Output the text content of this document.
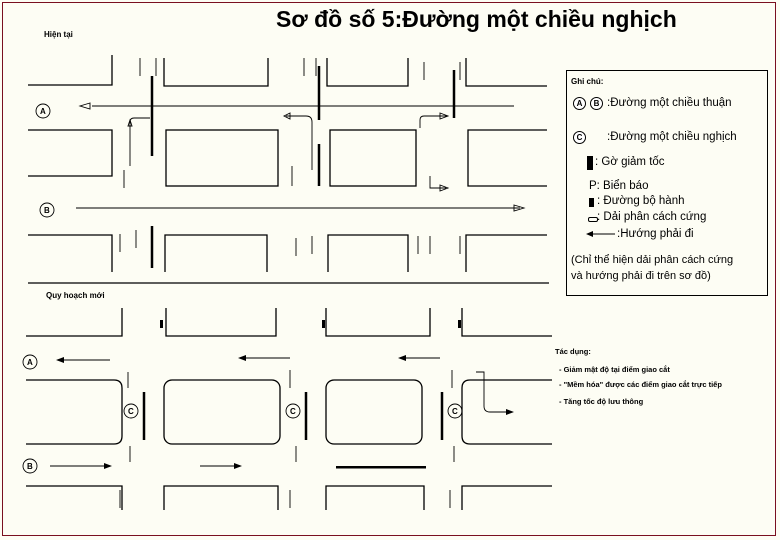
Sơ đồ số 5:Đường một chiều nghịch
Hiện tại
Quy hoạch mới
A
B
A
B
C	C	C
Ghi chú:
A	B :Đường một chiều thuận
C	:Đường một chiều nghịch
: Gờ giảm tốc
P: Biển báo
: Đường bộ hành
: Dải phân cách cứng
:Hướng phải đi
(Chỉ thể hiện dải phân cách cứng
và hướng phải đi trên sơ đồ)
Tác dụng:
- Giảm mật độ tại điểm giao cắt
- "Mềm hóa" được các điểm giao cắt trực tiếp
- Tăng tốc độ lưu thông
